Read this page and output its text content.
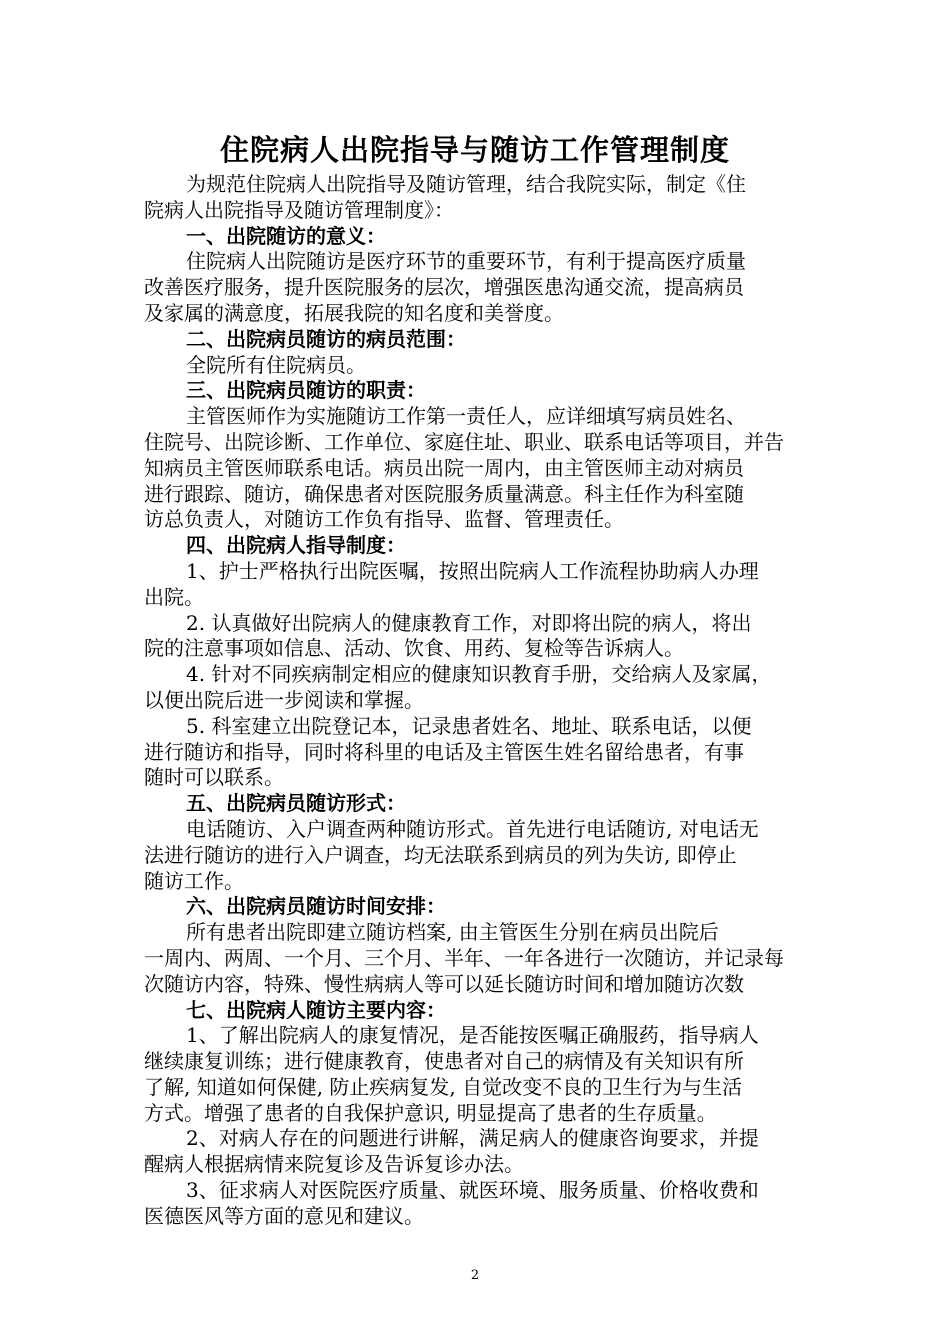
住院病人出院指导与随访工作管理制度
为规范住院病人出院指导及随访管理，结合我院实际，制定《住
院病人出院指导及随访管理制度》：
一、出院随访的意义：
住院病人出院随访是医疗环节的重要环节，有利于提高医疗质量
改善医疗服务，提升医院服务的层次，增强医患沟通交流，提高病员
及家属的满意度，拓展我院的知名度和美誉度。
二、出院病员随访的病员范围：
全院所有住院病员。
三、出院病员随访的职责：
主管医师作为实施随访工作第一责任人，应详细填写病员姓名、
住院号、出院诊断、工作单位、家庭住址、职业、联系电话等项目，并告
知病员主管医师联系电话。病员出院一周内，由主管医师主动对病员
进行跟踪、随访，确保患者对医院服务质量满意。科主任作为科室随
访总负责人，对随访工作负有指导、监督、管理责任。
四、出院病人指导制度：
1、护士严格执行出院医嘱，按照出院病人工作流程协助病人办理
出院。
2. 认真做好出院病人的健康教育工作，对即将出院的病人，将出
院的注意事项如信息、活动、饮食、用药、复检等告诉病人。
4. 针对不同疾病制定相应的健康知识教育手册，交给病人及家属，
以便出院后进一步阅读和掌握。
5. 科室建立出院登记本，记录患者姓名、地址、联系电话，以便
进行随访和指导，同时将科里的电话及主管医生姓名留给患者，有事
随时可以联系。
五、出院病员随访形式：
电话随访、入户调查两种随访形式。首先进行电话随访, 对电话无
法进行随访的进行入户调查，均无法联系到病员的列为失访, 即停止
随访工作。
六、出院病员随访时间安排：
所有患者出院即建立随访档案, 由主管医生分别在病员出院后
一周内、两周、一个月、三个月、半年、一年各进行一次随访，并记录每
次随访内容，特殊、慢性病病人等可以延长随访时间和增加随访次数
七、出院病人随访主要内容：
1、了解出院病人的康复情况，是否能按医嘱正确服药，指导病人
继续康复训练；进行健康教育，使患者对自己的病情及有关知识有所
了解, 知道如何保健, 防止疾病复发, 自觉改变不良的卫生行为与生活
方式。增强了患者的自我保护意识, 明显提高了患者的生存质量。
2、对病人存在的问题进行讲解，满足病人的健康咨询要求，并提
醒病人根据病情来院复诊及告诉复诊办法。
3、征求病人对医院医疗质量、就医环境、服务质量、价格收费和
医德医风等方面的意见和建议。
2
